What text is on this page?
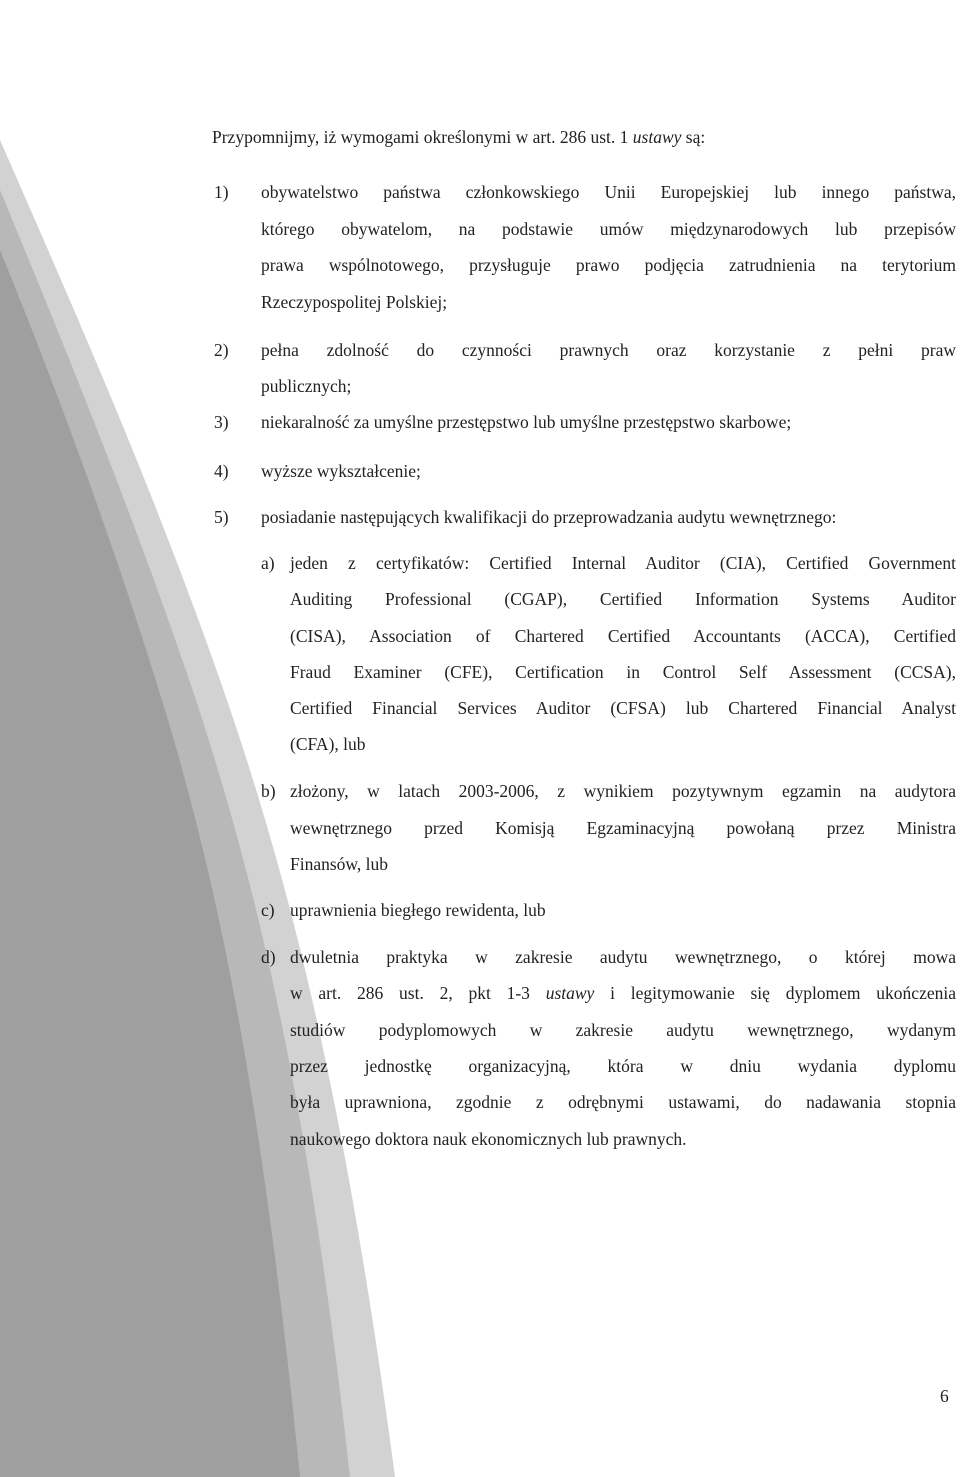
Przypomnijmy, iż wymogami określonymi w art. 286 ust. 1 ustawy są:
1) obywatelstwo państwa członkowskiego Unii Europejskiej lub innego państwa,
którego obywatelom, na podstawie umów międzynarodowych lub przepisów
prawa wspólnotowego, przysługuje prawo podjęcia zatrudnienia na terytorium
Rzeczypospolitej Polskiej;
2) pełna zdolność do czynności prawnych oraz korzystanie z pełni praw
publicznych;
3) niekaralność za umyślne przestępstwo lub umyślne przestępstwo skarbowe;
4) wyższe wykształcenie;
5) posiadanie następujących kwalifikacji do przeprowadzania audytu wewnętrznego:
a) jeden z certyfikatów: Certified Internal Auditor (CIA), Certified Government
Auditing Professional (CGAP), Certified Information Systems Auditor
(CISA), Association of Chartered Certified Accountants (ACCA), Certified
Fraud Examiner (CFE), Certification in Control Self Assessment (CCSA),
Certified Financial Services Auditor (CFSA) lub Chartered Financial Analyst
(CFA), lub
b) złożony, w latach 2003-2006, z wynikiem pozytywnym egzamin na audytora
wewnętrznego przed Komisją Egzaminacyjną powołaną przez Ministra
Finansów, lub
c) uprawnienia biegłego rewidenta, lub
d) dwuletnia praktyka w zakresie audytu wewnętrznego, o której mowa
w art. 286 ust. 2, pkt 1-3 ustawy i legitymowanie się dyplomem ukończenia
studiów podyplomowych w zakresie audytu wewnętrznego, wydanym
przez jednostkę organizacyjną, która w dniu wydania dyplomu
była uprawniona, zgodnie z odrębnymi ustawami, do nadawania stopnia
naukowego doktora nauk ekonomicznych lub prawnych.
6
